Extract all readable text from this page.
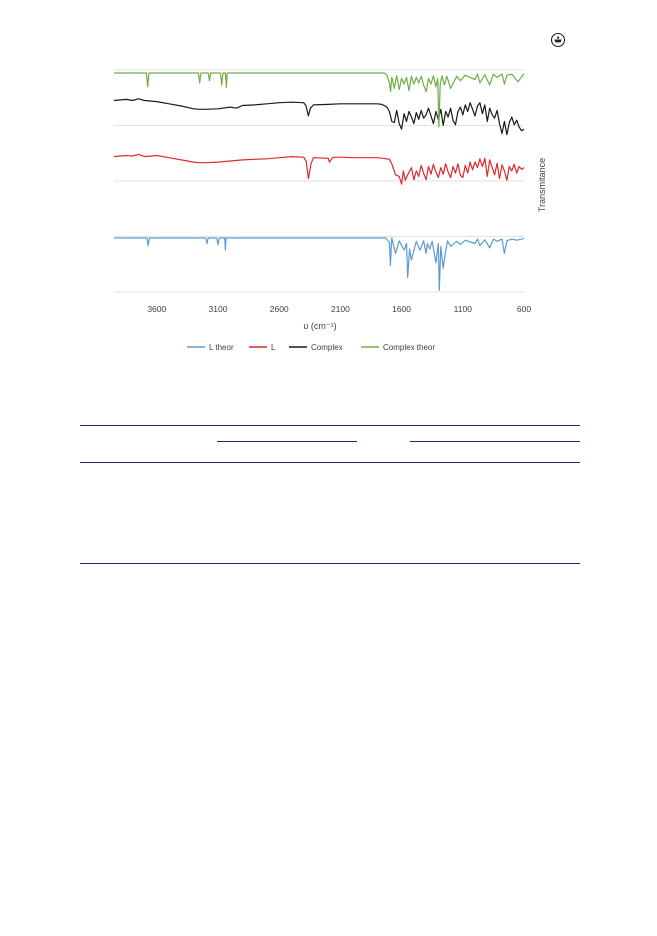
3600	3100	2600	2100	1600	1100	600
υ (cm⁻¹)
Transmitance
L theor	L	Complex	Complex theor
